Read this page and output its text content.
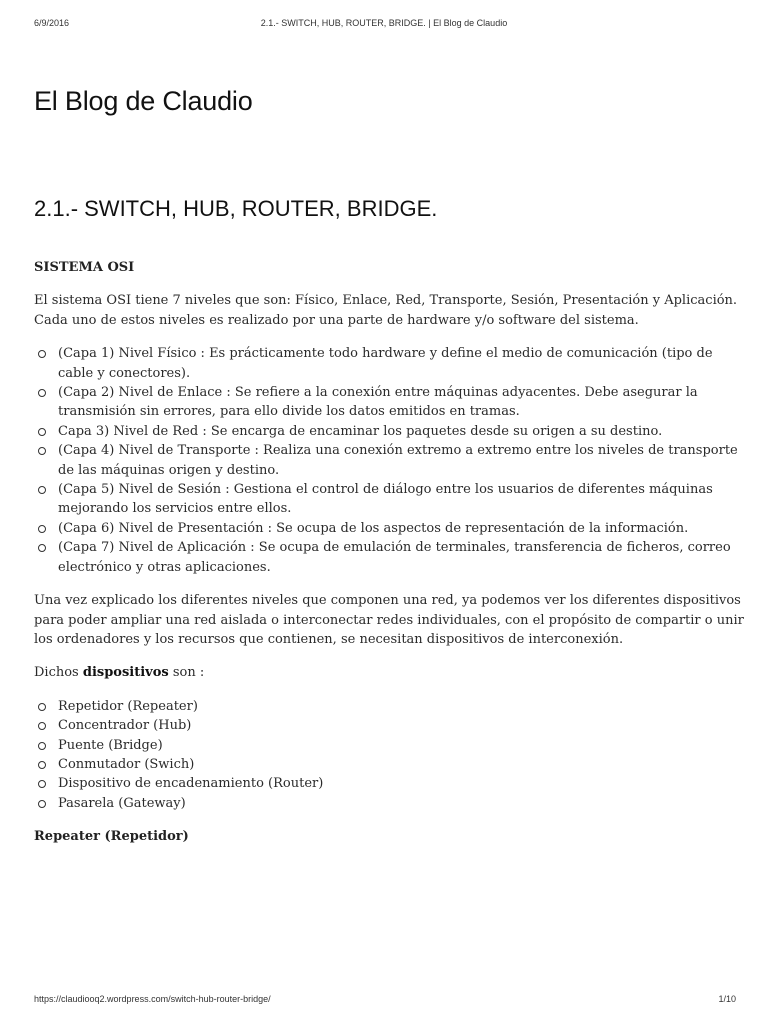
6/9/2016	2.1.- SWITCH, HUB, ROUTER, BRIDGE. | El Blog de Claudio
El Blog de Claudio
2.1.- SWITCH, HUB, ROUTER, BRIDGE.
SISTEMA OSI

El sistema OSI tiene 7 niveles que son: Físico, Enlace, Red, Transporte, Sesión, Presentación y Aplicación. Cada uno de estos niveles es realizado por una parte de hardware y/o software del sistema.

(Capa 1) Nivel Físico : Es prácticamente todo hardware y define el medio de comunicación (tipo de cable y conectores).
(Capa 2) Nivel de Enlace : Se refiere a la conexión entre máquinas adyacentes. Debe asegurar la transmisión sin errores, para ello divide los datos emitidos en tramas.
Capa 3) Nivel de Red : Se encarga de encaminar los paquetes desde su origen a su destino.
(Capa 4) Nivel de Transporte : Realiza una conexión extremo a extremo entre los niveles de transporte de las máquinas origen y destino.
(Capa 5) Nivel de Sesión : Gestiona el control de diálogo entre los usuarios de diferentes máquinas mejorando los servicios entre ellos.
(Capa 6) Nivel de Presentación : Se ocupa de los aspectos de representación de la información.
(Capa 7) Nivel de Aplicación : Se ocupa de emulación de terminales, transferencia de ficheros, correo electrónico y otras aplicaciones.

Una vez explicado los diferentes niveles que componen una red, ya podemos ver los diferentes dispositivos para poder ampliar una red aislada o interconectar redes individuales, con el propósito de compartir o unir los ordenadores y los recursos que contienen, se necesitan dispositivos de interconexión.

Dichos dispositivos son :

Repetidor (Repeater)
Concentrador (Hub)
Puente (Bridge)
Conmutador (Swich)
Dispositivo de encadenamiento (Router)
Pasarela (Gateway)
Repeater (Repetidor)
https://claudiooq2.wordpress.com/switch-hub-router-bridge/	1/10
